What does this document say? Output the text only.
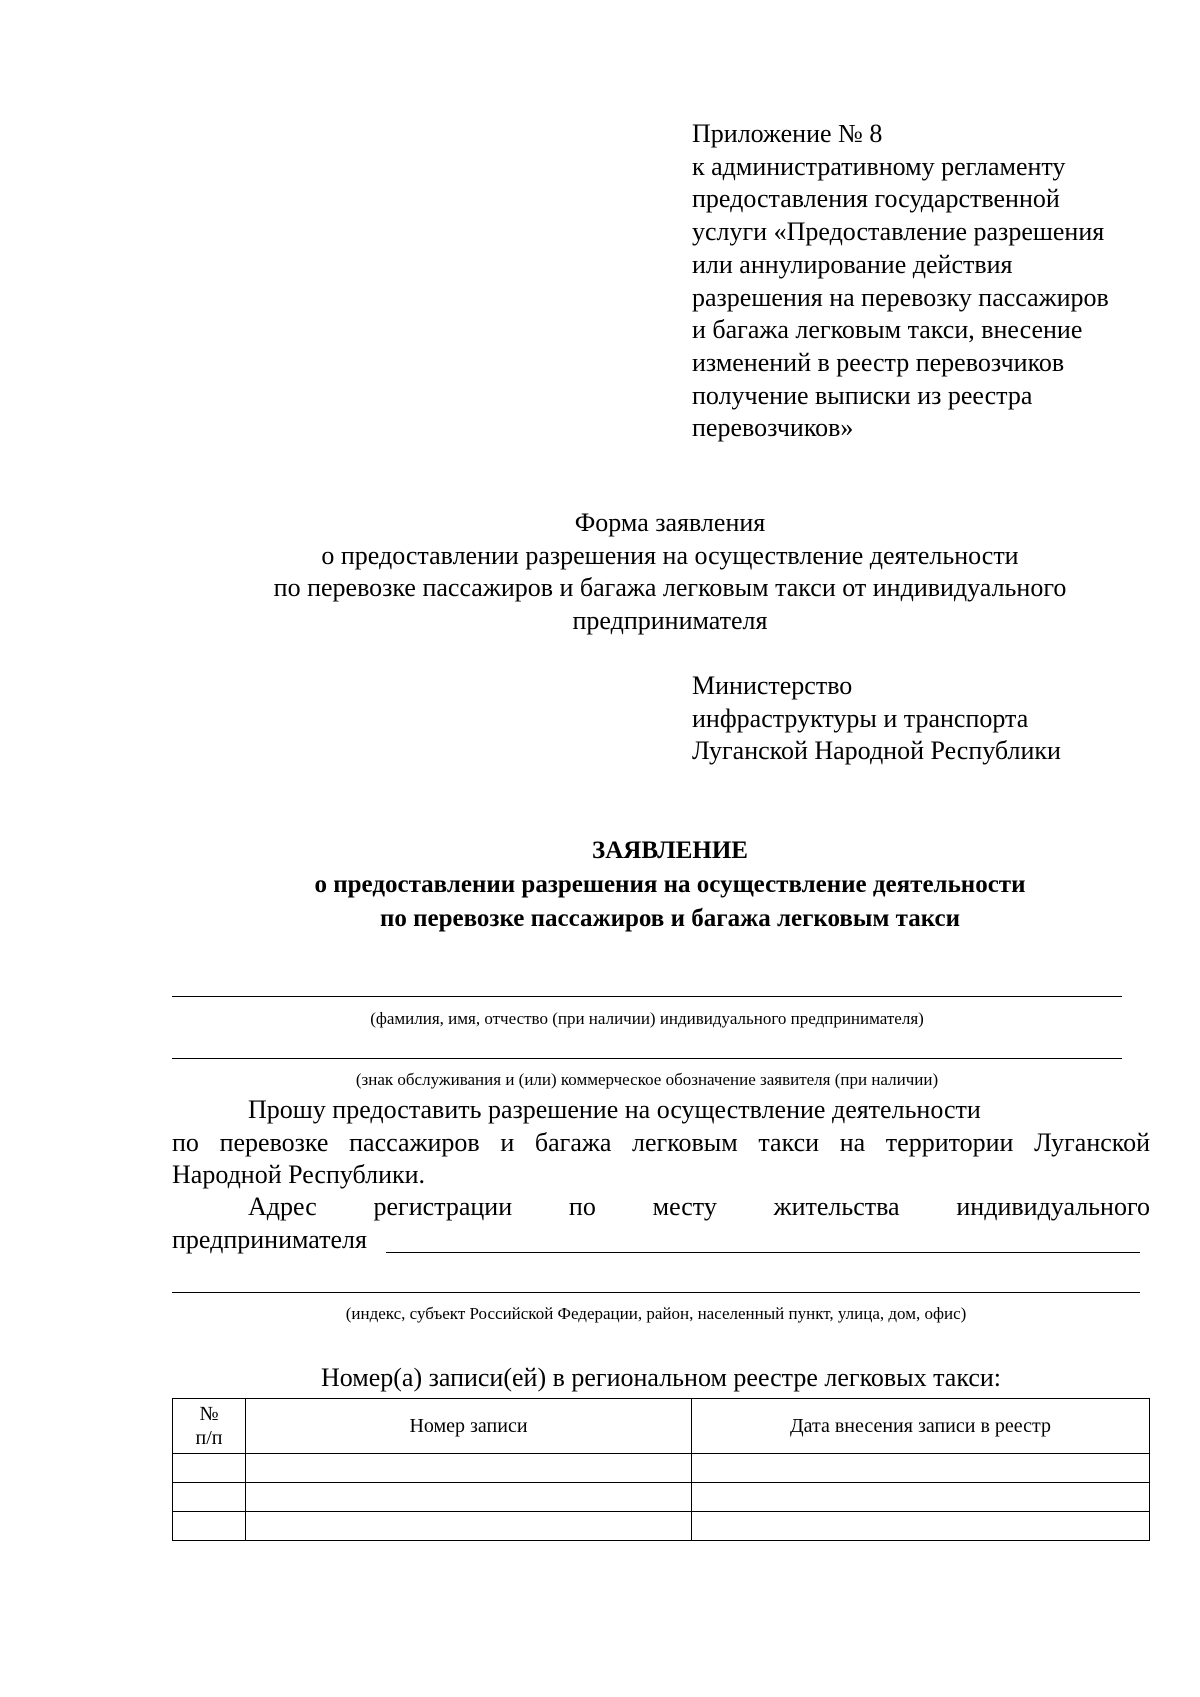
Приложение № 8
к административному регламенту
предоставления государственной
услуги «Предоставление разрешения
или аннулирование действия
разрешения на перевозку пассажиров
и багажа легковым такси, внесение
изменений в реестр перевозчиков
получение выписки из реестра
перевозчиков»
Форма заявления
о предоставлении разрешения на осуществление деятельности
по перевозке пассажиров и багажа легковым такси от индивидуального
предпринимателя
Министерство
инфраструктуры и транспорта
Луганской Народной Республики
ЗАЯВЛЕНИЕ
о предоставлении разрешения на осуществление деятельности
по перевозке пассажиров и багажа легковым такси
(фамилия, имя, отчество (при наличии) индивидуального предпринимателя)
(знак обслуживания и (или) коммерческое обозначение заявителя (при наличии)
Прошу предоставить разрешение на осуществление деятельности
по перевозке пассажиров и багажа легковым такси на территории Луганской
Народной Республики.
Адрес регистрации по месту жительства индивидуального
предпринимателя
(индекс, субъект Российской Федерации, район, населенный пункт, улица, дом, офис)
Номер(а) записи(ей) в региональном реестре легковых такси:
№
п/п	Номер записи	Дата внесения записи в реестр
